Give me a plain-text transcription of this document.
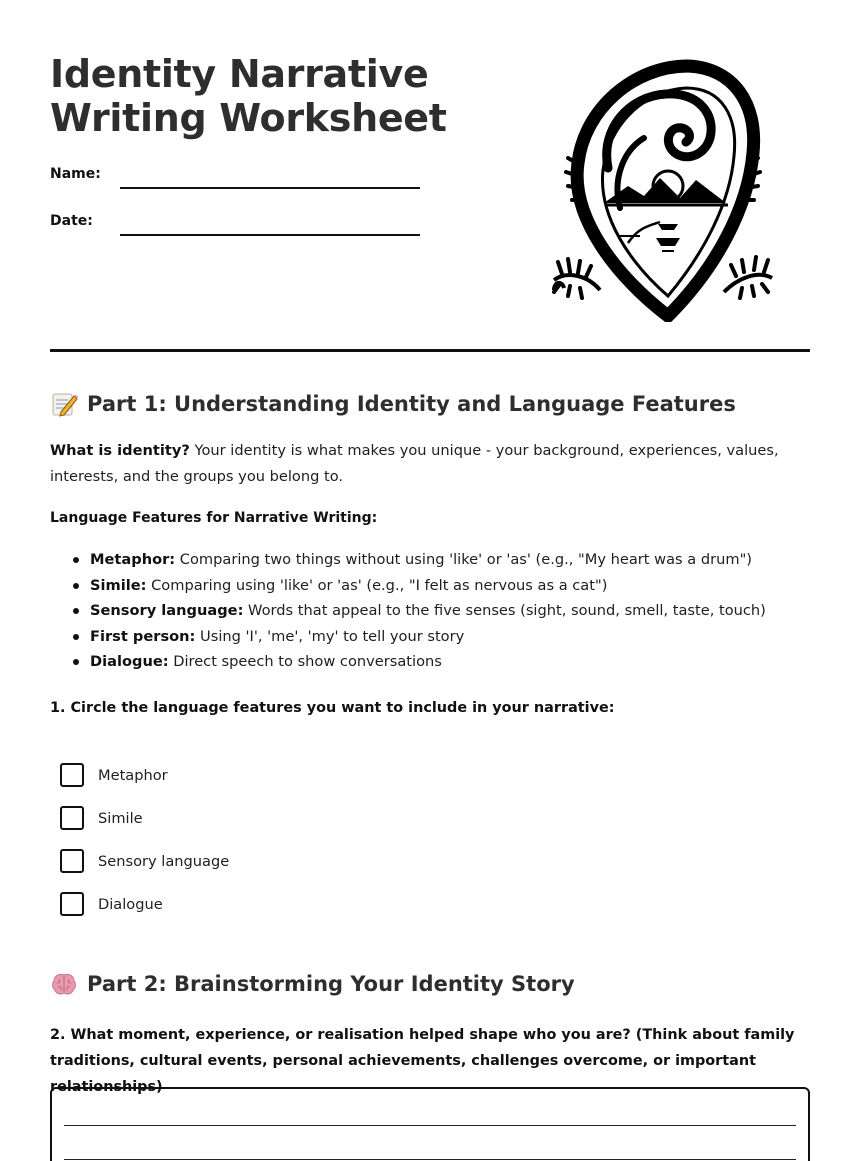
Identity Narrative
Writing Worksheet
Name:
Date:
Part 1: Understanding Identity and Language Features
What is identity? Your identity is what makes you unique - your background, experiences, values, interests, and the groups you belong to.
Language Features for Narrative Writing:
Metaphor: Comparing two things without using 'like' or 'as' (e.g., "My heart was a drum")
Simile: Comparing using 'like' or 'as' (e.g., "I felt as nervous as a cat")
Sensory language: Words that appeal to the five senses (sight, sound, smell, taste, touch)
First person: Using 'I', 'me', 'my' to tell your story
Dialogue: Direct speech to show conversations
1. Circle the language features you want to include in your narrative:
Metaphor
Simile
Sensory language
Dialogue
Part 2: Brainstorming Your Identity Story
2. What moment, experience, or realisation helped shape who you are? (Think about family traditions, cultural events, personal achievements, challenges overcome, or important relationships)
